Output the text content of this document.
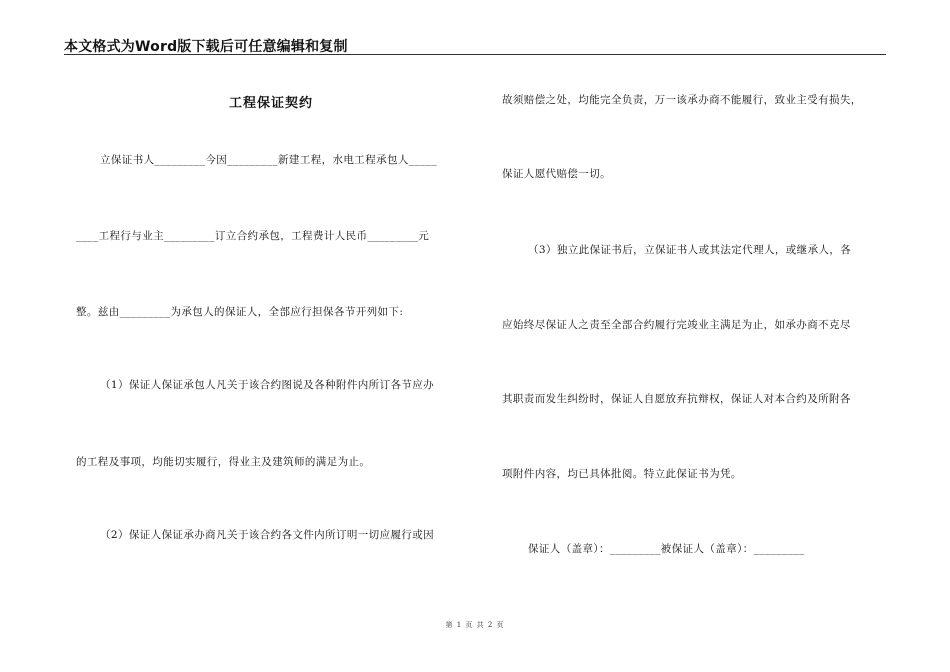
本文格式为Word版下载后可任意编辑和复制
工程保证契约
立保证书人_________今因_________新建工程，水电工程承包人_____
____工程行与业主_________订立合约承包，工程费计人民币_________元
整。兹由_________为承包人的保证人，全部应行担保各节开列如下:
（1）保证人保证承包人凡关于该合约图说及各种附件内所订各节应办
的工程及事项，均能切实履行，得业主及建筑师的满足为止。
（2）保证人保证承办商凡关于该合约各文件内所订明一切应履行或因
故须赔偿之处，均能完全负责，万一该承办商不能履行，致业主受有损失，
保证人愿代赔偿一切。
（3）独立此保证书后，立保证书人或其法定代理人，或继承人，各
应始终尽保证人之责至全部合约履行完竣业主满足为止，如承办商不克尽
其职责而发生纠纷时，保证人自愿放弃抗辩权，保证人对本合约及所附各
项附件内容，均已具体批阅。特立此保证书为凭。
保证人（盖章）：_________被保证人（盖章）：_________
第 1 页 共 2 页
